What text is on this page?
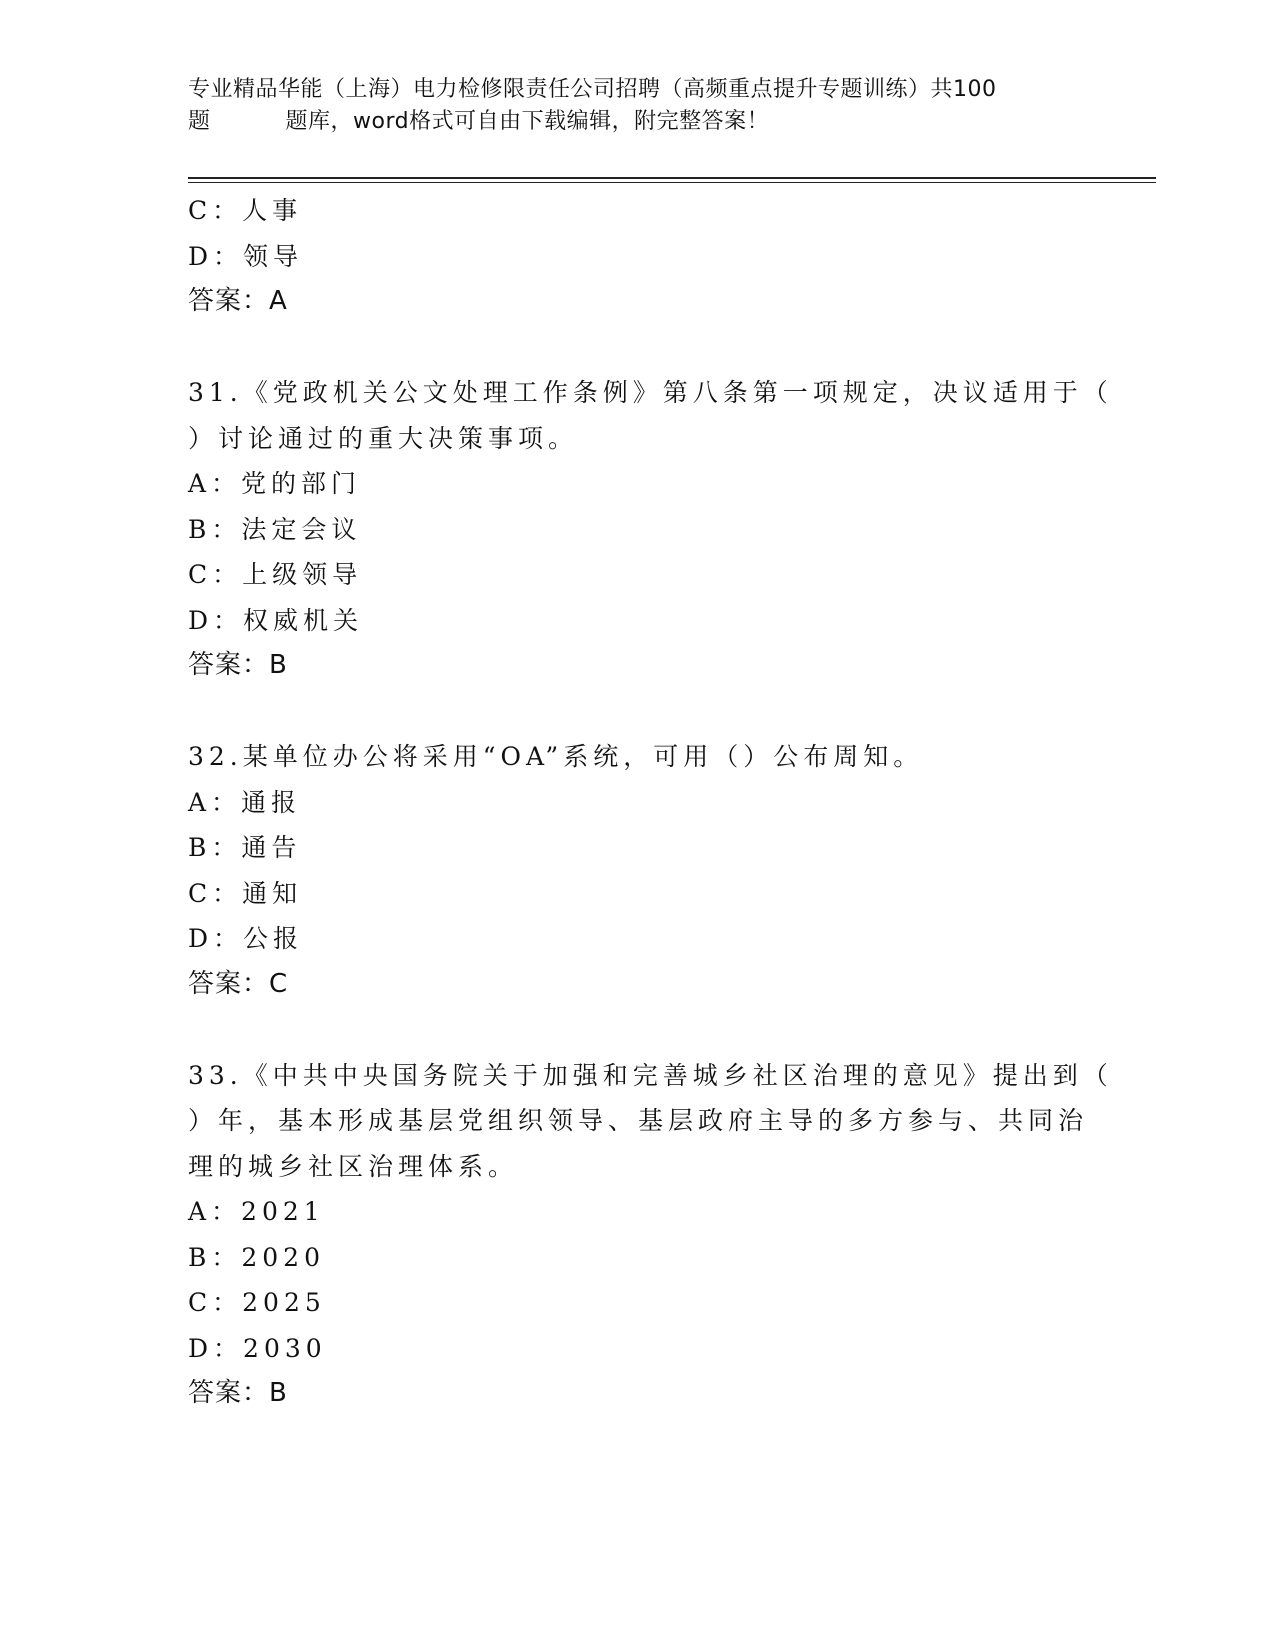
专业精品华能（上海）电力检修限责任公司招聘（高频重点提升专题训练）共100
题	题库，word格式可自由下载编辑，附完整答案！
C：人事
D：领导
答案：A
31.《党政机关公文处理工作条例》第八条第一项规定，决议适用于（
）讨论通过的重大决策事项。
A：党的部门
B：法定会议
C：上级领导
D：权威机关
答案：B
32.某单位办公将采用“OA”系统，可用（）公布周知。
A：通报
B：通告
C：通知
D：公报
答案：C
33.《中共中央国务院关于加强和完善城乡社区治理的意见》提出到（
）年，基本形成基层党组织领导、基层政府主导的多方参与、共同治
理的城乡社区治理体系。
A：2021
B：2020
C：2025
D：2030
答案：B
